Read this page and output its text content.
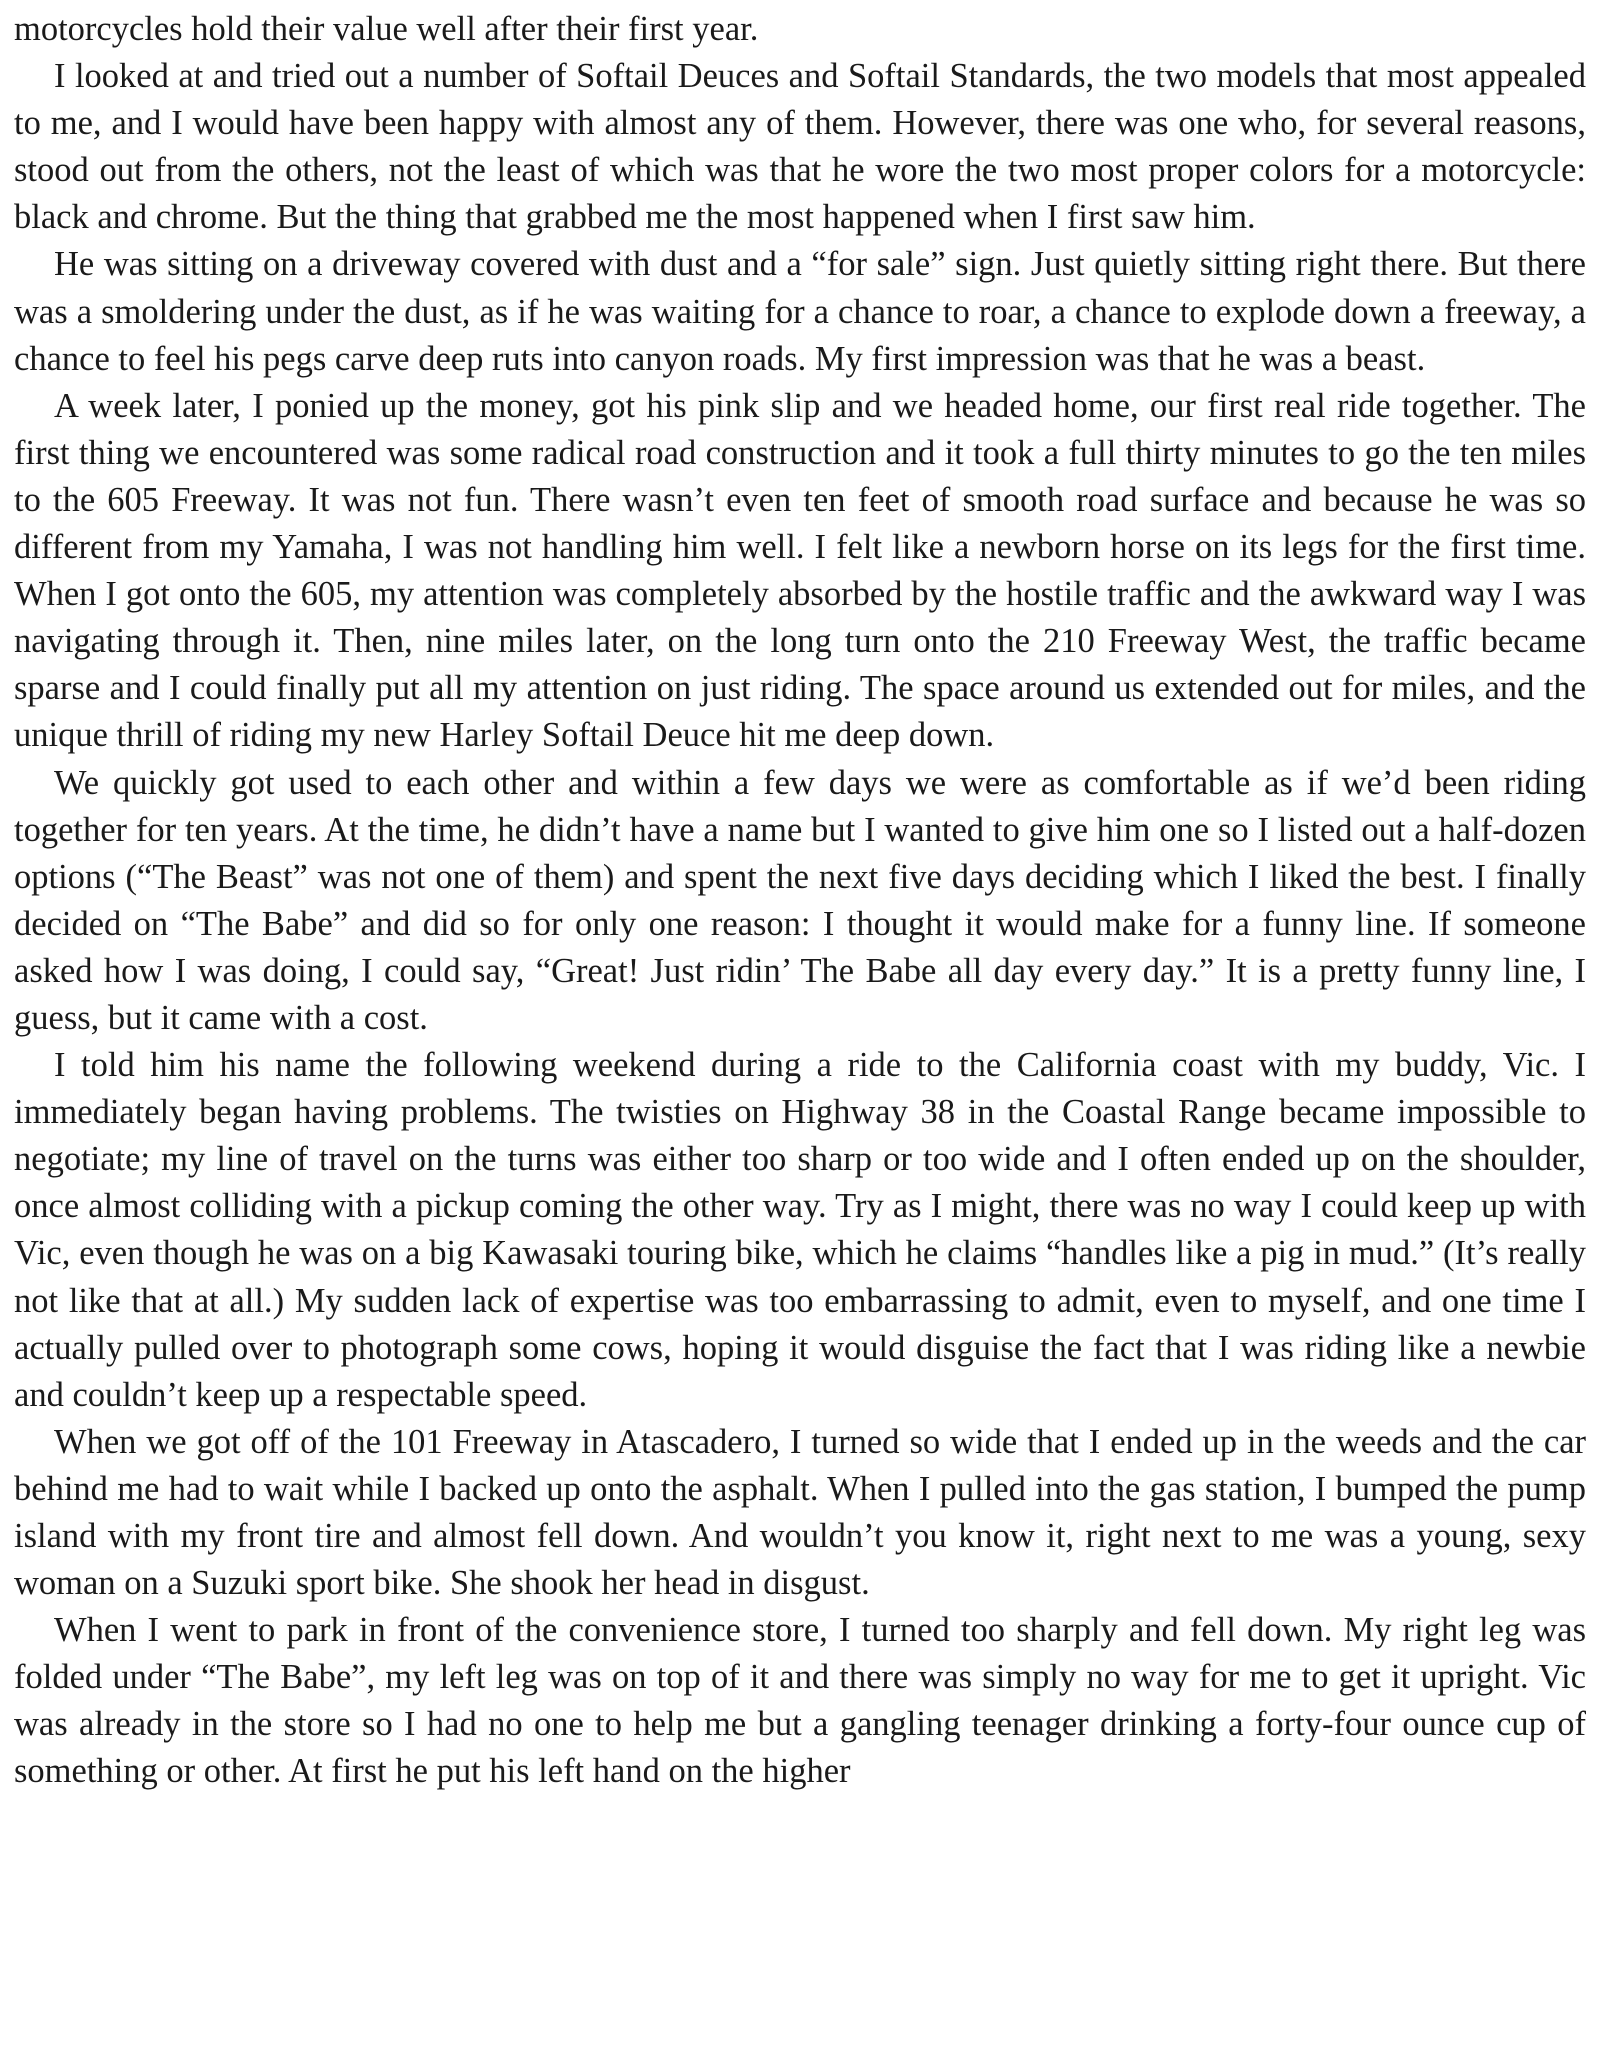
motorcycles hold their value well after their first year.

I looked at and tried out a number of Softail Deuces and Softail Standards, the two models that most appealed to me, and I would have been happy with almost any of them. However, there was one who, for several reasons, stood out from the others, not the least of which was that he wore the two most proper colors for a motorcycle: black and chrome. But the thing that grabbed me the most happened when I first saw him.

He was sitting on a driveway covered with dust and a “for sale” sign. Just quietly sitting right there. But there was a smoldering under the dust, as if he was waiting for a chance to roar, a chance to explode down a freeway, a chance to feel his pegs carve deep ruts into canyon roads. My first impression was that he was a beast.

A week later, I ponied up the money, got his pink slip and we headed home, our first real ride together. The first thing we encountered was some radical road construction and it took a full thirty minutes to go the ten miles to the 605 Freeway. It was not fun. There wasn’t even ten feet of smooth road surface and because he was so different from my Yamaha, I was not handling him well. I felt like a newborn horse on its legs for the first time. When I got onto the 605, my attention was completely absorbed by the hostile traffic and the awkward way I was navigating through it. Then, nine miles later, on the long turn onto the 210 Freeway West, the traffic became sparse and I could finally put all my attention on just riding. The space around us extended out for miles, and the unique thrill of riding my new Harley Softail Deuce hit me deep down.

We quickly got used to each other and within a few days we were as comfortable as if we’d been riding together for ten years. At the time, he didn’t have a name but I wanted to give him one so I listed out a half-dozen options (“The Beast” was not one of them) and spent the next five days deciding which I liked the best. I finally decided on “The Babe” and did so for only one reason: I thought it would make for a funny line. If someone asked how I was doing, I could say, “Great! Just ridin’ The Babe all day every day.” It is a pretty funny line, I guess, but it came with a cost.

I told him his name the following weekend during a ride to the California coast with my buddy, Vic. I immediately began having problems. The twisties on Highway 38 in the Coastal Range became impossible to negotiate; my line of travel on the turns was either too sharp or too wide and I often ended up on the shoulder, once almost colliding with a pickup coming the other way. Try as I might, there was no way I could keep up with Vic, even though he was on a big Kawasaki touring bike, which he claims “handles like a pig in mud.” (It’s really not like that at all.) My sudden lack of expertise was too embarrassing to admit, even to myself, and one time I actually pulled over to photograph some cows, hoping it would disguise the fact that I was riding like a newbie and couldn’t keep up a respectable speed.

When we got off of the 101 Freeway in Atascadero, I turned so wide that I ended up in the weeds and the car behind me had to wait while I backed up onto the asphalt. When I pulled into the gas station, I bumped the pump island with my front tire and almost fell down. And wouldn’t you know it, right next to me was a young, sexy woman on a Suzuki sport bike. She shook her head in disgust.

When I went to park in front of the convenience store, I turned too sharply and fell down. My right leg was folded under “The Babe”, my left leg was on top of it and there was simply no way for me to get it upright. Vic was already in the store so I had no one to help me but a gangling teenager drinking a forty-four ounce cup of something or other. At first he put his left hand on the higher
